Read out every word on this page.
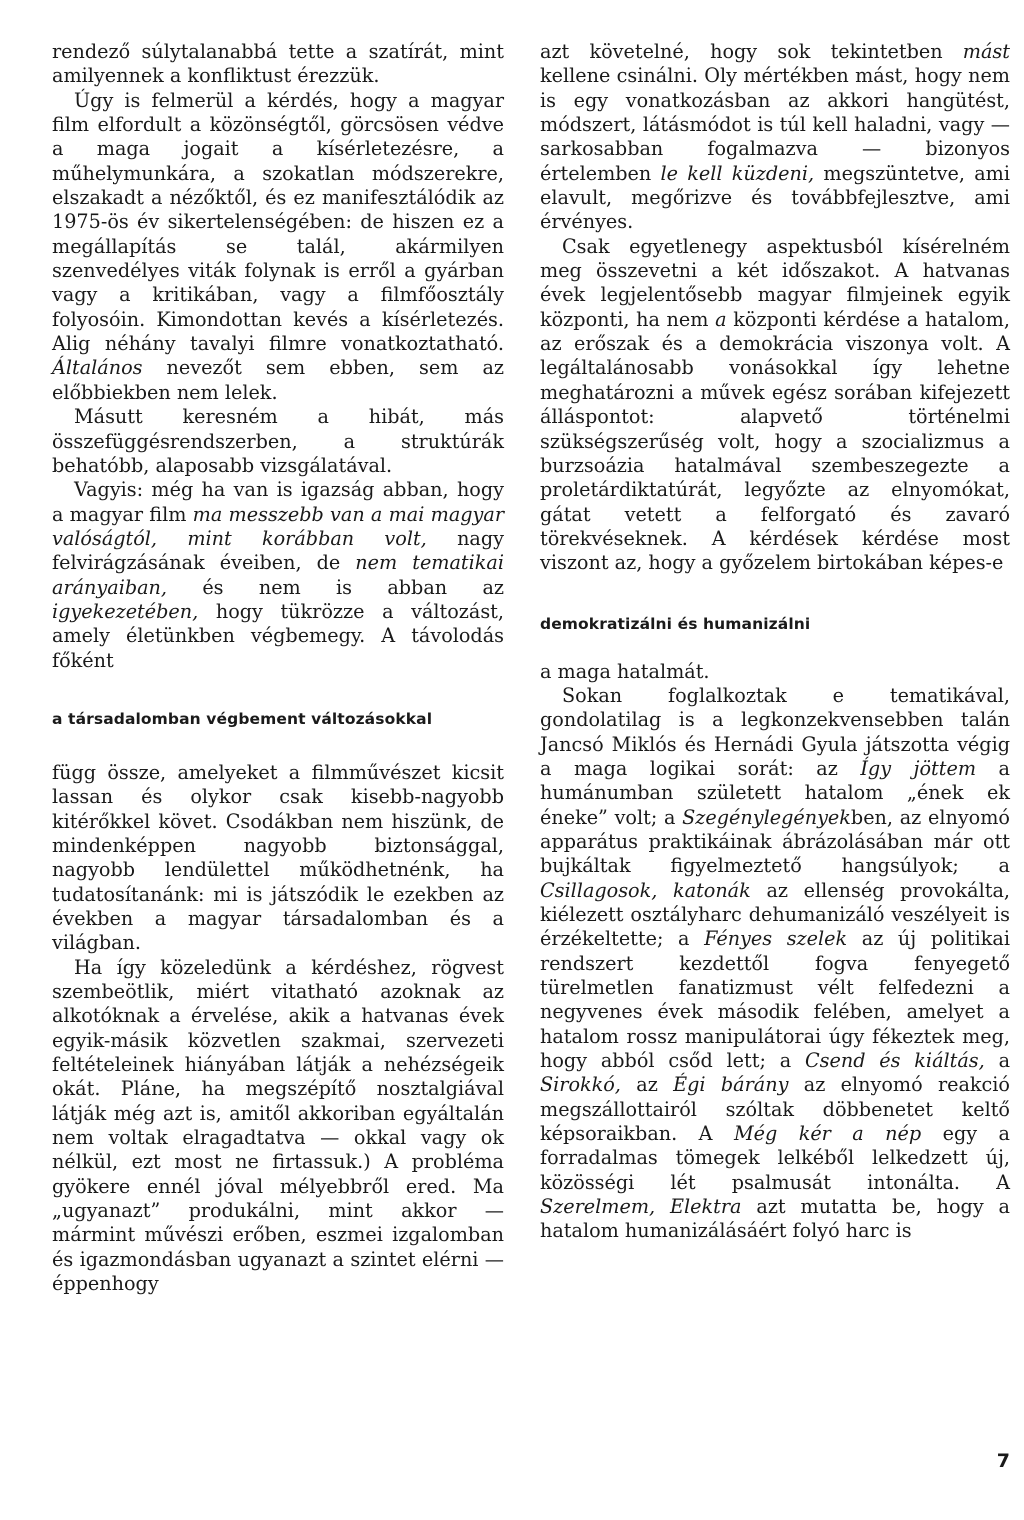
rendező súlytalanabbá tette a szatírát, mint amilyennek a konfliktust érezzük.

Úgy is felmerül a kérdés, hogy a magyar film elfordult a közönségtől, görcsösen védve a maga jogait a kísérletezésre, a műhelymunkára, a szokatlan módszerekre, elszakadt a nézőktől, és ez manifesztálódik az 1975-ös év sikertelenségében: de hiszen ez a megállapítás se talál, akármilyen szenvedélyes viták folynak is erről a gyárban vagy a kritikában, vagy a filmfőosztály folyosóin. Kimondottan kevés a kísérletezés. Alig néhány tavalyi filmre vonatkoztatható. Általános nevezőt sem ebben, sem az előbbiekben nem lelek.

Másutt keresném a hibát, más összefüggésrendszerben, a struktúrák behatóbb, alaposabb vizsgálatával.

Vagyis: még ha van is igazság abban, hogy a magyar film ma messzebb van a mai magyar valóságtól, mint korábban volt, nagy felvirágzásának éveiben, de nem tematikai arányaiban, és nem is abban az igyekezetében, hogy tükrözze a változást, amely életünkben végbemegy. A távolodás főként

a társadalomban végbement változásokkal

függ össze, amelyeket a filmművészet kicsit lassan és olykor csak kisebb-nagyobb kitérőkkel követ. Csodákban nem hiszünk, de mindenképpen nagyobb biztonsággal, nagyobb lendülettel működhetnénk, ha tudatosítanánk: mi is játszódik le ezekben az években a magyar társadalomban és a világban.

Ha így közeledünk a kérdéshez, rögvest szembeötlik, miért vitatható azoknak az alkotóknak a érvelése, akik a hatvanas évek egyik-másik közvetlen szakmai, szervezeti feltételeinek hiányában látják a nehézségeik okát. Pláne, ha megszépítő nosztalgiával látják még azt is, amitől akkoriban egyáltalán nem voltak elragadtatva — okkal vagy ok nélkül, ezt most ne firtassuk.) A probléma gyökere ennél jóval mélyebbről ered. Ma „ugyanazt” produkálni, mint akkor — mármint művészi erőben, eszmei izgalomban és igazmondásban ugyanazt a szintet elérni — éppenhogy

azt követelné, hogy sok tekintetben mást kellene csinálni. Oly mértékben mást, hogy nem is egy vonatkozásban az akkori hangütést, módszert, látásmódot is túl kell haladni, vagy — sarkosabban fogalmazva — bizonyos értelemben le kell küzdeni, megszüntetve, ami elavult, megőrizve és továbbfejlesztve, ami érvényes.

Csak egyetlenegy aspektusból kísérelném meg összevetni a két időszakot. A hatvanas évek legjelentősebb magyar filmjeinek egyik központi, ha nem a központi kérdése a hatalom, az erőszak és a demokrácia viszonya volt. A legáltalánosabb vonásokkal így lehetne meghatározni a művek egész sorában kifejezett álláspontot: alapvető történelmi szükségszerűség volt, hogy a szocializmus a burzsoázia hatalmával szembeszegezte a proletárdiktatúrát, legyőzte az elnyomókat, gátat vetett a felforgató és zavaró törekvéseknek. A kérdések kérdése most viszont az, hogy a győzelem birtokában képes-e

demokratizálni és humanizálni

a maga hatalmát.

Sokan foglalkoztak e tematikával, gondolatilag is a legkonzekvensebben talán Jancsó Miklós és Hernádi Gyula játszotta végig a maga logikai sorát: az Így jöttem a humánumban született hatalom „ének ek éneke” volt; a Szegénylegényekben, az elnyomó apparátus praktikáinak ábrázolásában már ott bujkáltak figyelmeztető hangsúlyok; a Csillagosok, katonák az ellenség provokálta, kiélezett osztályharc dehumanizáló veszélyeit is érzékeltette; a Fényes szelek az új politikai rendszert kezdettől fogva fenyegető türelmetlen fanatizmust vélt felfedezni a negyvenes évek második felében, amelyet a hatalom rossz manipulátorai úgy fékeztek meg, hogy abból csőd lett; a Csend és kiáltás, a Sirokkó, az Égi bárány az elnyomó reakció megszállottairól szóltak döbbenetet keltő képsoraikban. A Még kér a nép egy a forradalmas tömegek lelkéből lelkedzett új, közösségi lét psalmusát intonálta. A Szerelmem, Elektra azt mutatta be, hogy a hatalom humanizálásáért folyó harc is

7
